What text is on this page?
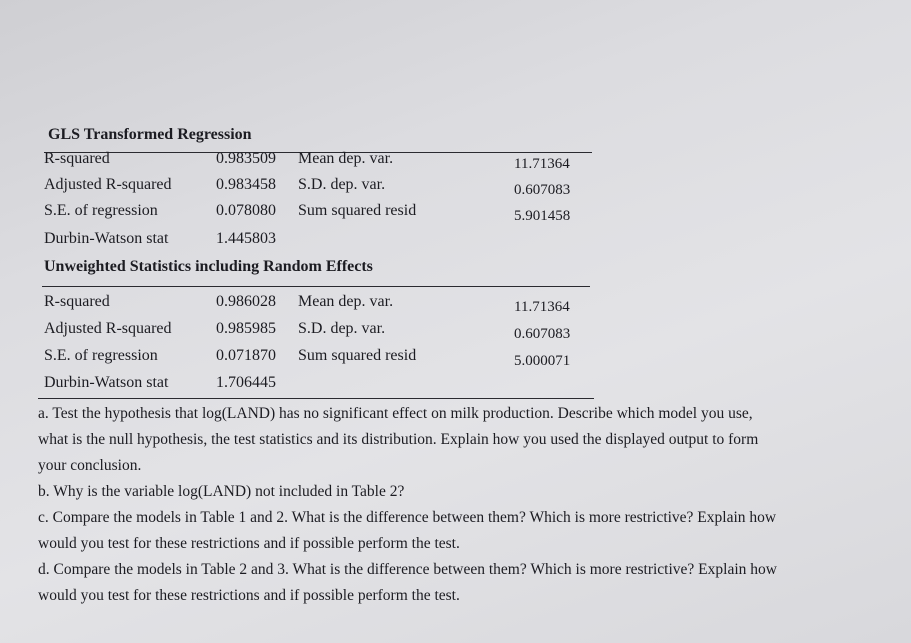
GLS Transformed Regression
R-squared	0.983509 Mean dep. var.	11.71364
Adjusted R-squared	0.983458 S.D. dep. var.	0.607083
S.E. of regression	0.078080 Sum squared resid	5.901458
Durbin-Watson stat	1.445803
Unweighted Statistics including Random Effects
R-squared	0.986028 Mean dep. var.	11.71364
Adjusted R-squared	0.985985 S.D. dep. var.	0.607083
S.E. of regression	0.071870 Sum squared resid	5.000071
Durbin-Watson stat	1.706445

a. Test the hypothesis that log(LAND) has no significant effect on milk production. Describe which model you use, what is the null hypothesis, the test statistics and its distribution. Explain how you used the displayed output to form your conclusion.

b. Why is the variable log(LAND) not included in Table 2?

c. Compare the models in Table 1 and 2. What is the difference between them? Which is more restrictive? Explain how would you test for these restrictions and if possible perform the test.

d. Compare the models in Table 2 and 3. What is the difference between them? Which is more restrictive? Explain how would you test for these restrictions and if possible perform the test.
